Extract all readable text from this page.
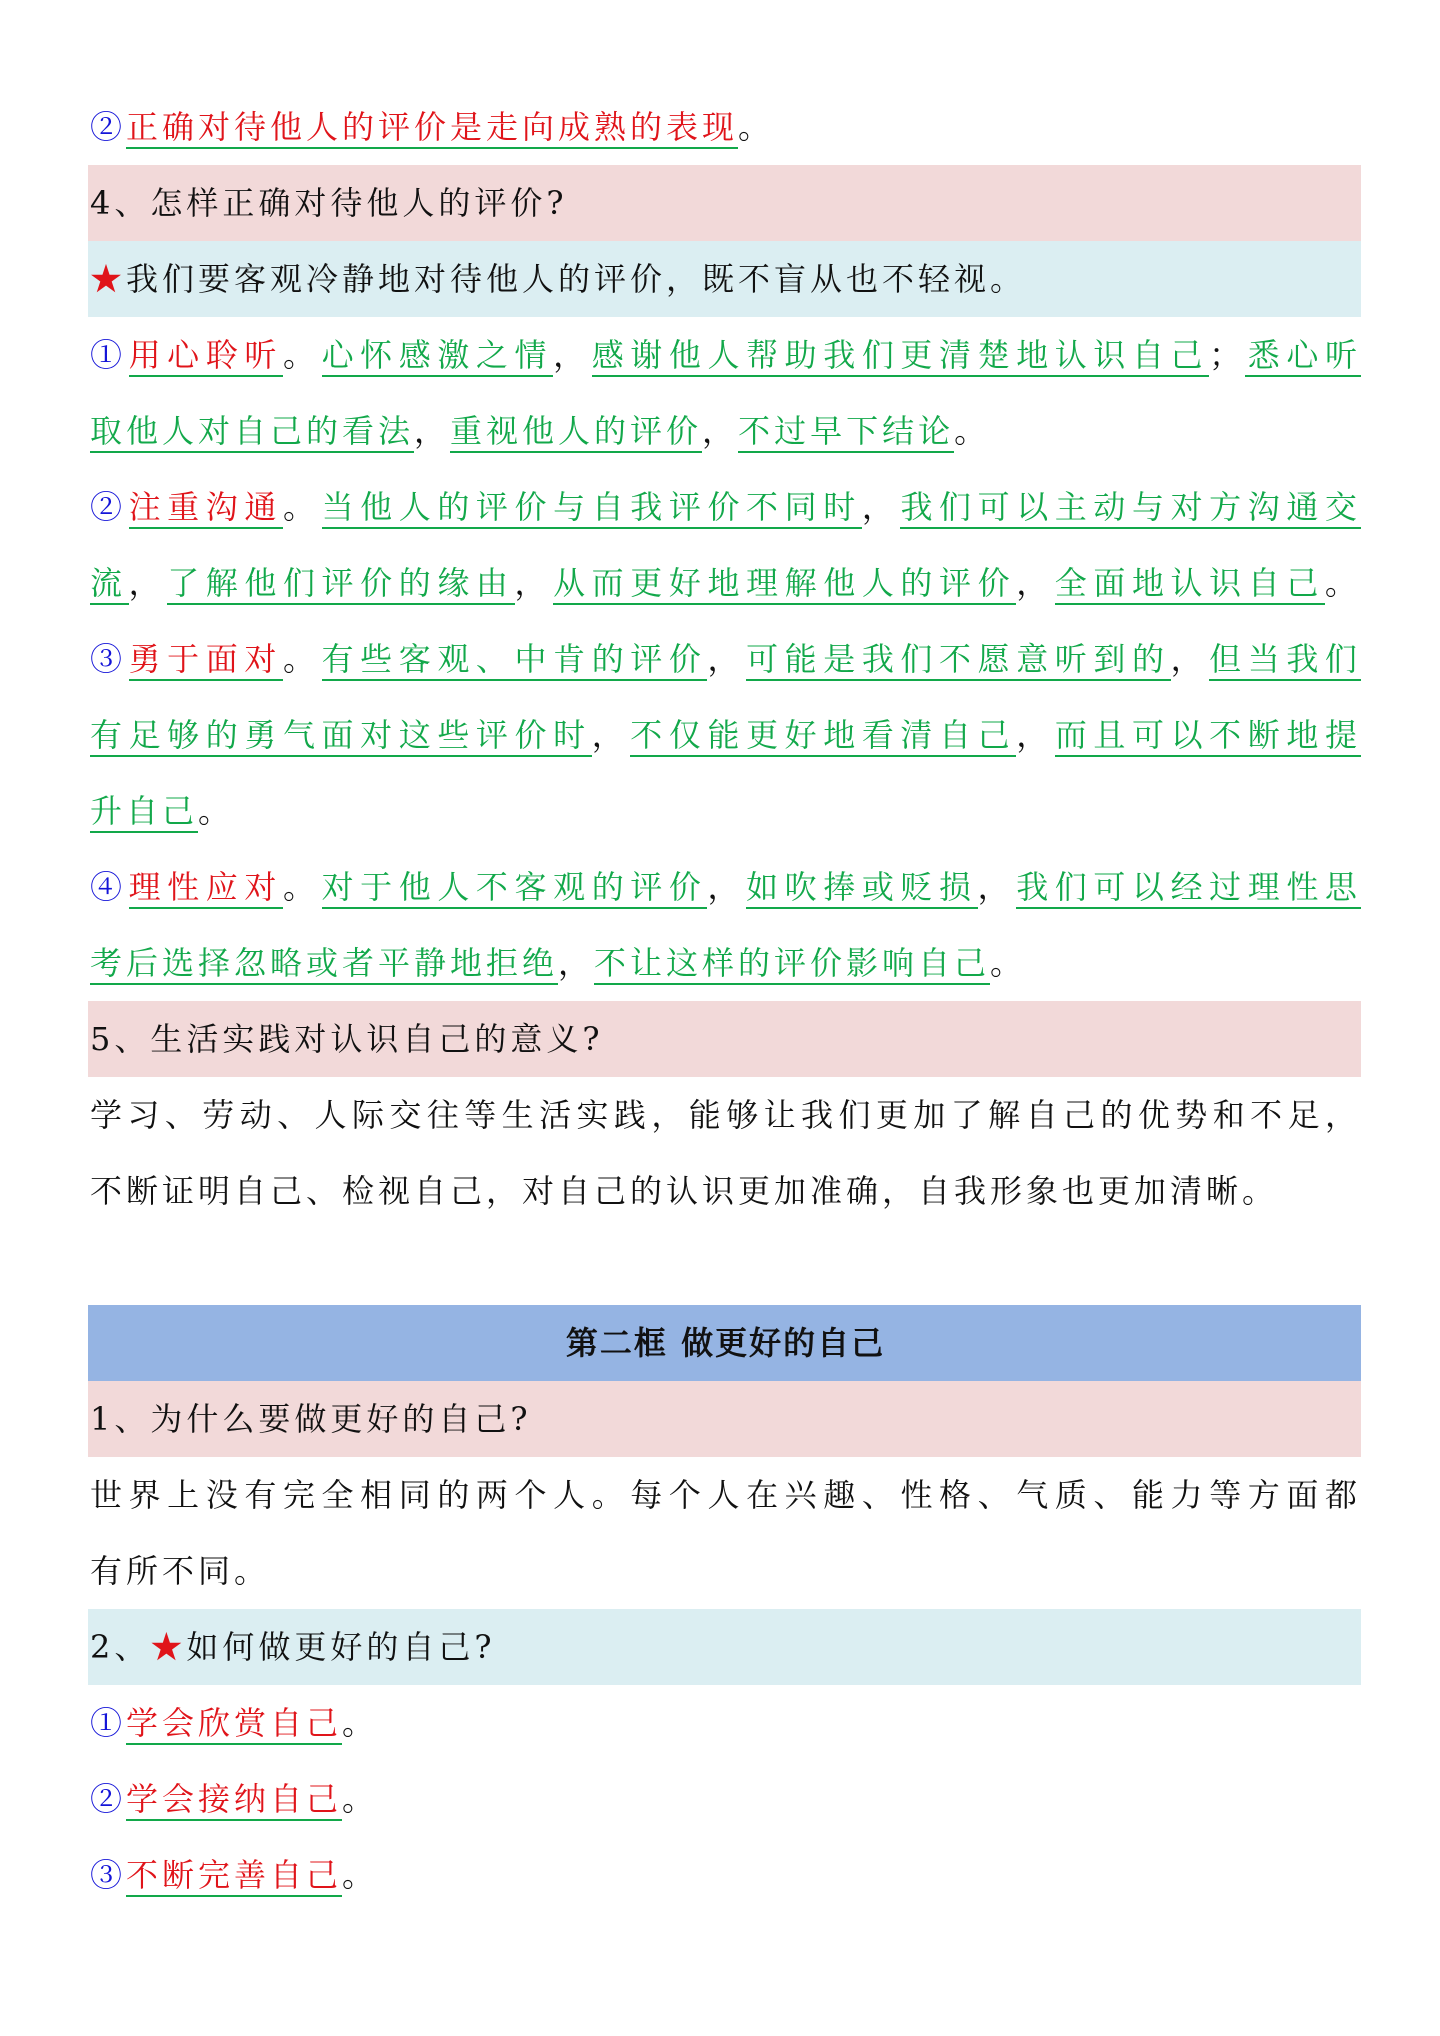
②正确对待他人的评价是走向成熟的表现。
4、怎样正确对待他人的评价?
★我们要客观冷静地对待他人的评价，既不盲从也不轻视。
①用心聆听。心怀感激之情，感谢他人帮助我们更清楚地认识自己；悉心听
取他人对自己的看法，重视他人的评价，不过早下结论。
②注重沟通。当他人的评价与自我评价不同时，我们可以主动与对方沟通交
流，了解他们评价的缘由，从而更好地理解他人的评价，全面地认识自己。
③勇于面对。有些客观、中肯的评价，可能是我们不愿意听到的，但当我们
有足够的勇气面对这些评价时，不仅能更好地看清自己，而且可以不断地提
升自己。
④理性应对。对于他人不客观的评价，如吹捧或贬损，我们可以经过理性思
考后选择忽略或者平静地拒绝，不让这样的评价影响自己。
5、生活实践对认识自己的意义?
学习、劳动、人际交往等生活实践，能够让我们更加了解自己的优势和不足，
不断证明自己、检视自己，对自己的认识更加准确，自我形象也更加清晰。
第二框 做更好的自己
1、为什么要做更好的自己?
世界上没有完全相同的两个人。每个人在兴趣、性格、气质、能力等方面都
有所不同。
2、★如何做更好的自己?
①学会欣赏自己。
②学会接纳自己。
③不断完善自己。
